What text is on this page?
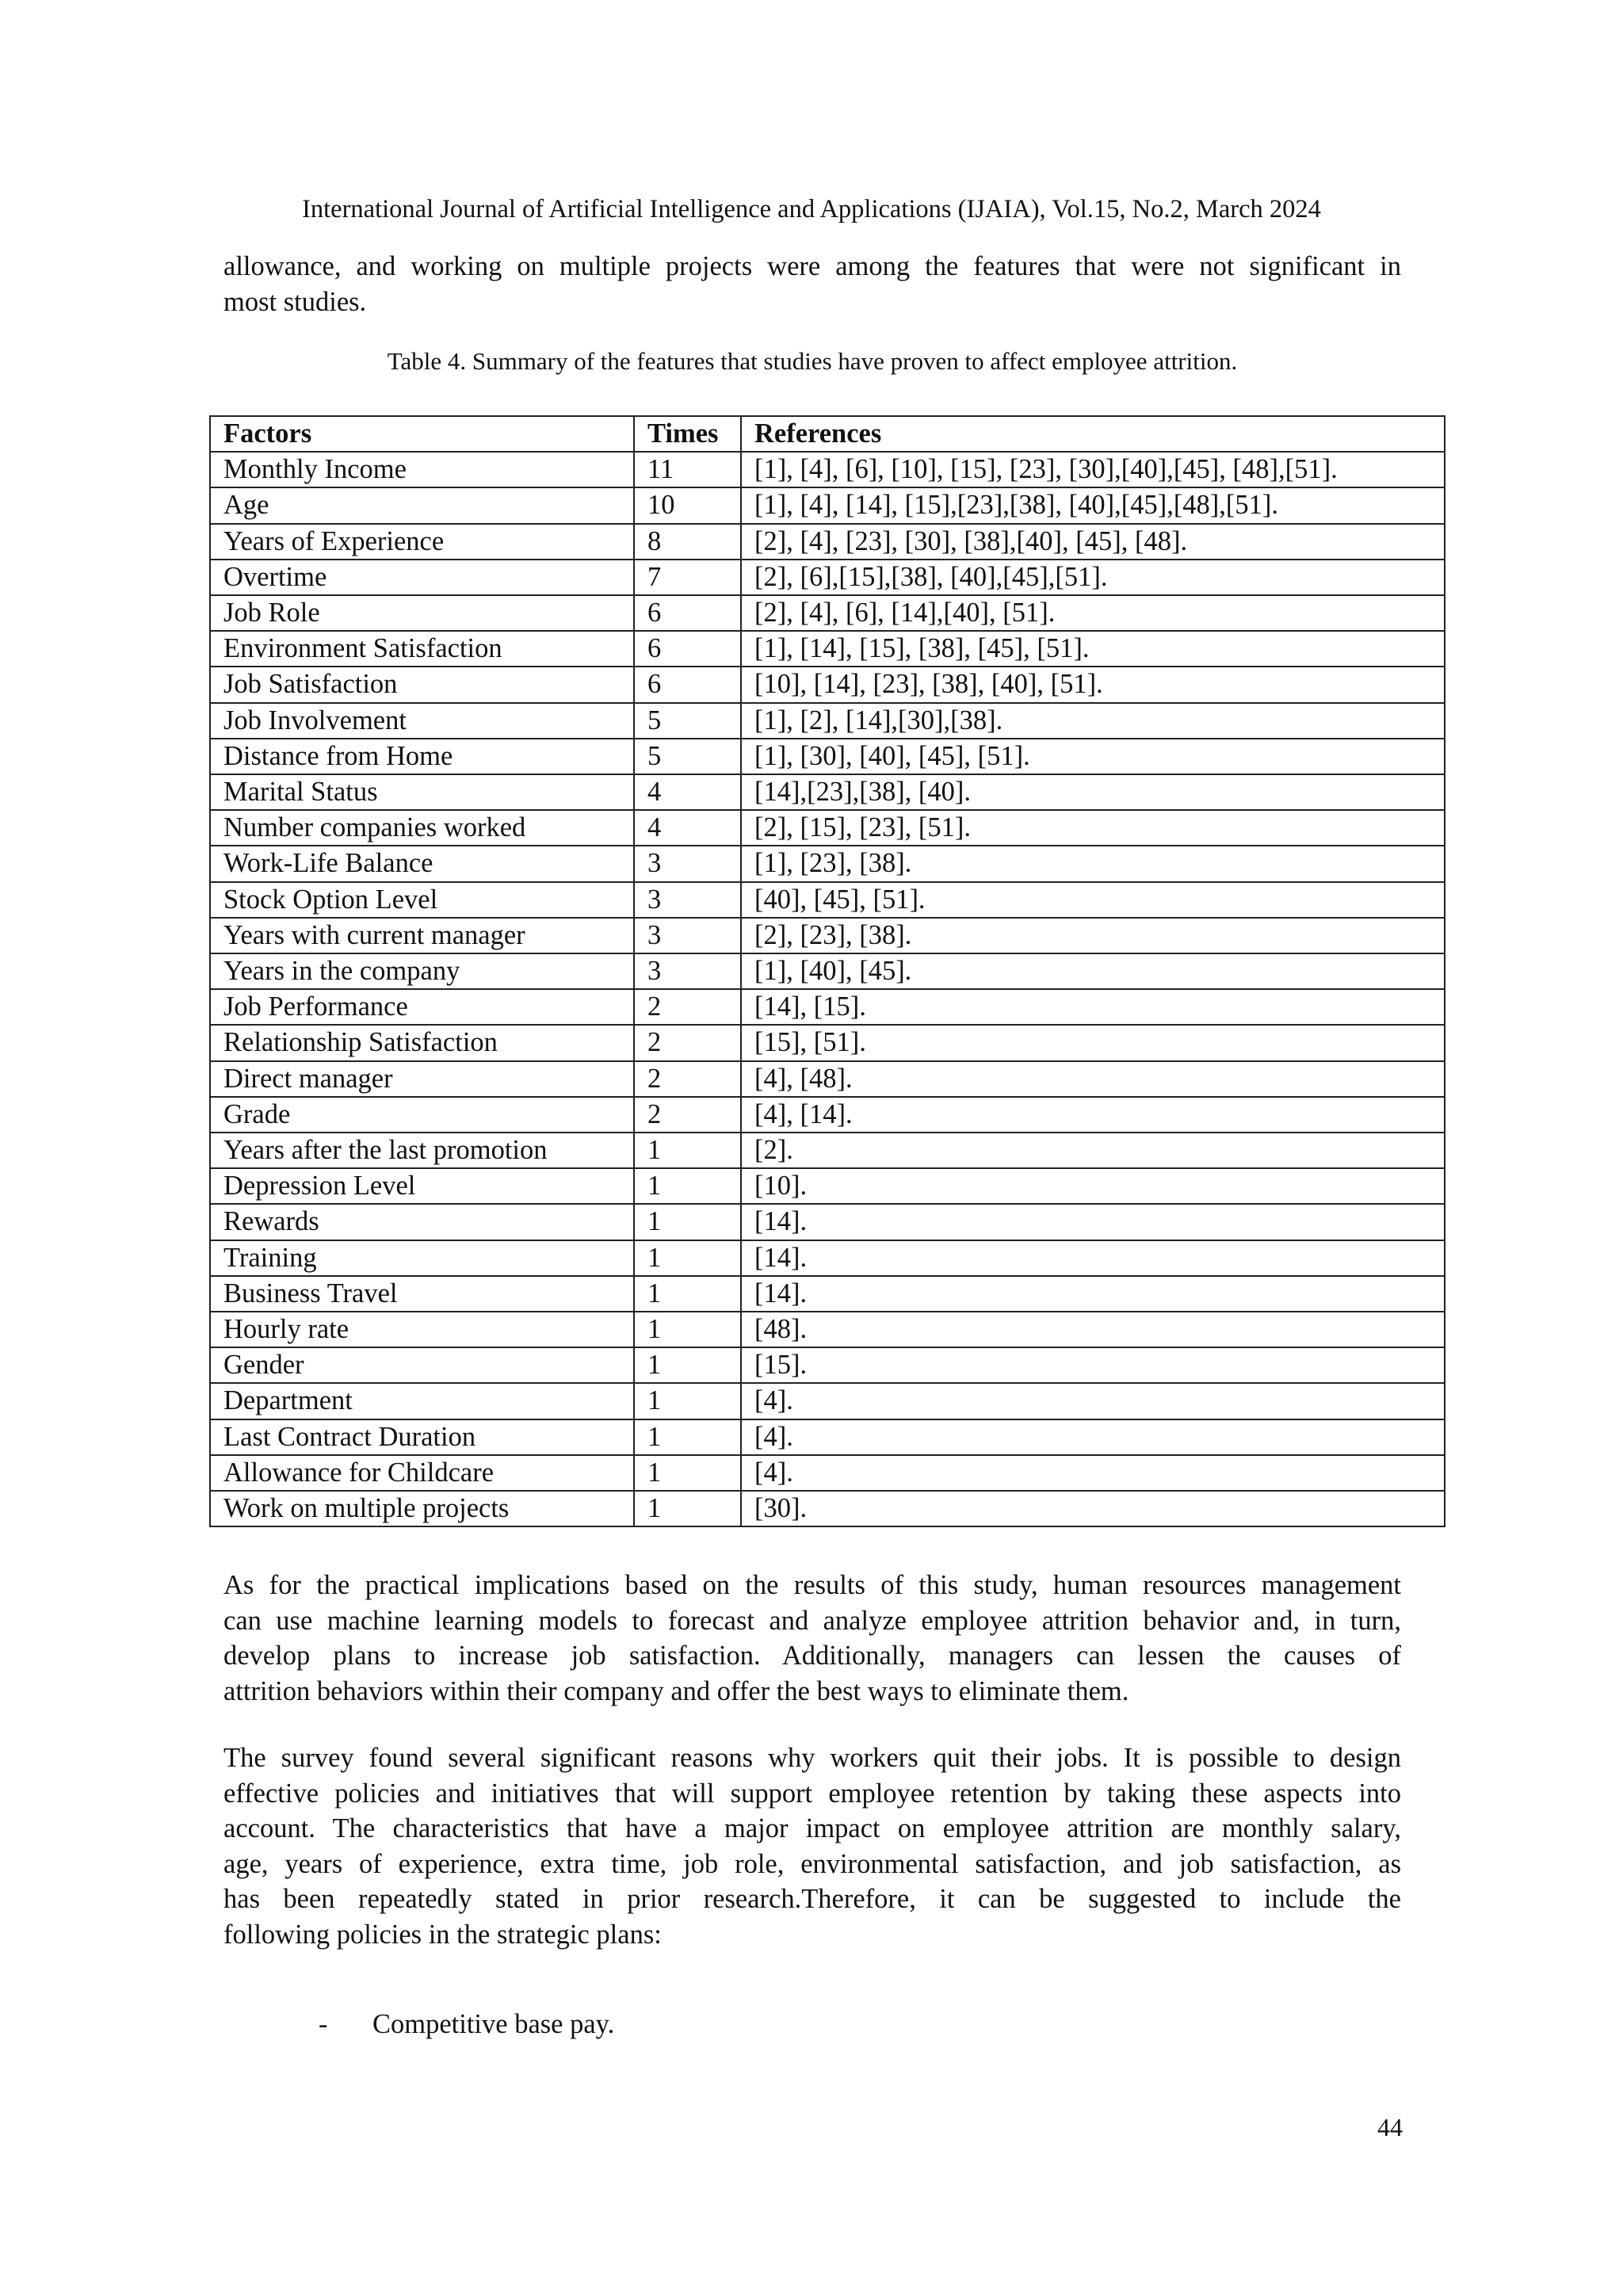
International Journal of Artificial Intelligence and Applications (IJAIA), Vol.15, No.2, March 2024
allowance, and working on multiple projects were among the features that were not significant in
most studies.
Table 4. Summary of the features that studies have proven to affect employee attrition.
Factors	Times	References
Monthly Income	11	[1], [4], [6], [10], [15], [23], [30],[40],[45], [48],[51].
Age	10	[1], [4], [14], [15],[23],[38], [40],[45],[48],[51].
Years of Experience	8	[2], [4], [23], [30], [38],[40], [45], [48].
Overtime	7	[2], [6],[15],[38], [40],[45],[51].
Job Role	6	[2], [4], [6], [14],[40], [51].
Environment Satisfaction	6	[1], [14], [15], [38], [45], [51].
Job Satisfaction	6	[10], [14], [23], [38], [40], [51].
Job Involvement	5	[1], [2], [14],[30],[38].
Distance from Home	5	[1], [30], [40], [45], [51].
Marital Status	4	[14],[23],[38], [40].
Number companies worked	4	[2], [15], [23], [51].
Work-Life Balance	3	[1], [23], [38].
Stock Option Level	3	[40], [45], [51].
Years with current manager	3	[2], [23], [38].
Years in the company	3	[1], [40], [45].
Job Performance	2	[14], [15].
Relationship Satisfaction	2	[15], [51].
Direct manager	2	[4], [48].
Grade	2	[4], [14].
Years after the last promotion	1	[2].
Depression Level	1	[10].
Rewards	1	[14].
Training	1	[14].
Business Travel	1	[14].
Hourly rate	1	[48].
Gender	1	[15].
Department	1	[4].
Last Contract Duration	1	[4].
Allowance for Childcare	1	[4].
Work on multiple projects	1	[30].
As for the practical implications based on the results of this study, human resources management
can use machine learning models to forecast and analyze employee attrition behavior and, in turn,
develop plans to increase job satisfaction. Additionally, managers can lessen the causes of
attrition behaviors within their company and offer the best ways to eliminate them.
The survey found several significant reasons why workers quit their jobs. It is possible to design
effective policies and initiatives that will support employee retention by taking these aspects into
account. The characteristics that have a major impact on employee attrition are monthly salary,
age, years of experience, extra time, job role, environmental satisfaction, and job satisfaction, as
has been repeatedly stated in prior research.Therefore, it can be suggested to include the
following policies in the strategic plans:
- Competitive base pay.
44
